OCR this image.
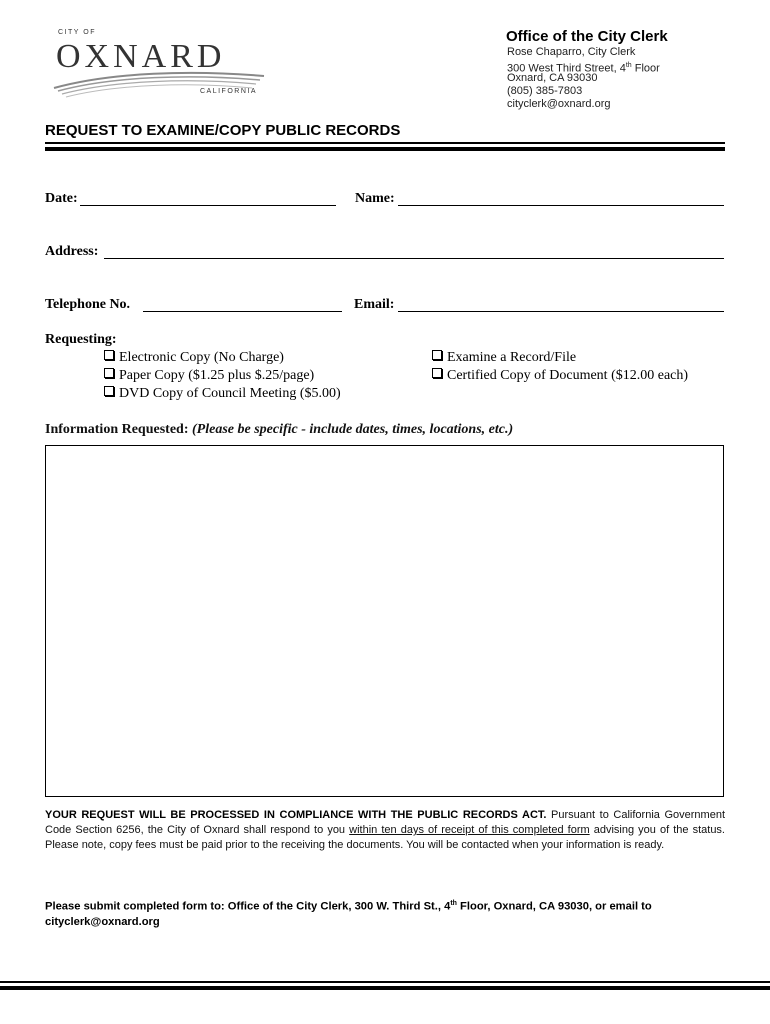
CITY OF
OXNARD
CALIFORNIA
Office of the City Clerk
Rose Chaparro, City Clerk
300 West Third Street, 4th Floor
Oxnard, CA 93030
(805) 385-7803
cityclerk@oxnard.org
REQUEST TO EXAMINE/COPY PUBLIC RECORDS
Date:	Name:
Address:
Telephone No.	Email:
Requesting:
Electronic Copy (No Charge)
Paper Copy ($1.25 plus $.25/page)
DVD Copy of Council Meeting ($5.00)
Examine a Record/File
Certified Copy of Document ($12.00 each)
Information Requested: (Please be specific - include dates, times, locations, etc.)
YOUR REQUEST WILL BE PROCESSED IN COMPLIANCE WITH THE PUBLIC RECORDS ACT. Pursuant to California Government Code Section 6256, the City of Oxnard shall respond to you within ten days of receipt of this completed form advising you of the status. Please note, copy fees must be paid prior to the receiving the documents. You will be contacted when your information is ready.
Please submit completed form to: Office of the City Clerk, 300 W. Third St., 4th Floor, Oxnard, CA 93030, or email to cityclerk@oxnard.org
